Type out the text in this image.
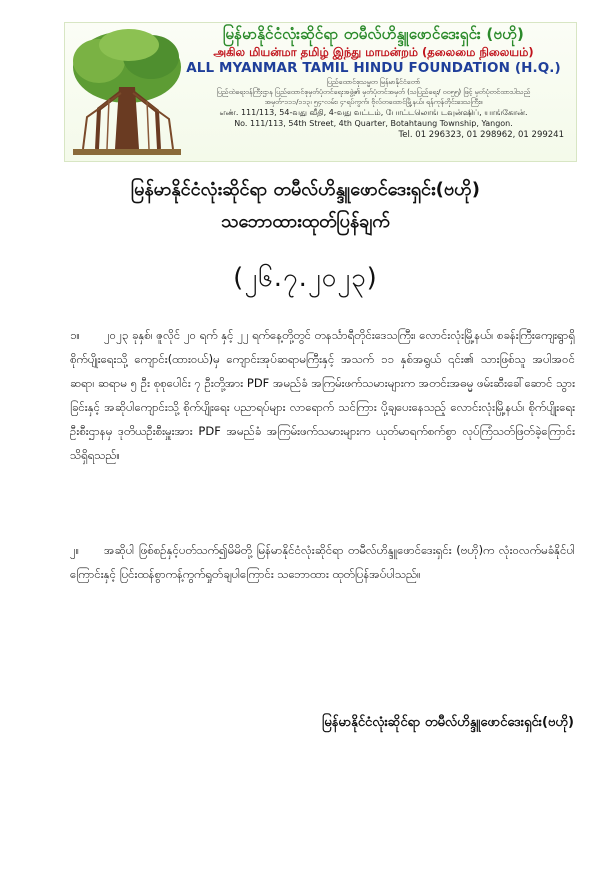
မြန်မာနိုင်ငံလုံးဆိုင်ရာ တမီလ်ဟိန္ဒူဖောင်ဒေးရှင်း (ဗဟို)
அகில மியன்மா தமிழ் இந்து மாமன்றம் (தலைமை நிலையம்)
ALL MYANMAR TAMIL HINDU FOUNDATION (H.Q.)
ပြည်ထောင်စုသမ္မတ မြန်မာနိုင်ငံတော်
ပြည်ထဲရေးဝန်ကြီးဌာန ပြည်ထောင်စုမှတ်ပုံတင်ရေးအဖွဲ့၏ မှတ်ပုံတင်အမှတ် (သပြည်ရေး/ ၀၀၅၅) ဖြင့် မှတ်ပုံတင်ထားပါသည်
အမှတ်-၁၁၁/၁၁၃၊ ၅၄-လမ်း၊ ၄-ရပ်ကွက်၊ ဗိုလ်တထောင်မြို့နယ်၊ ရန်ကုန်တိုင်းဒေသကြီး။
எண். 111/113, 54-வது வீதி, 4-வது வட்டம், போட்டலொங் டவுன்ஷிப், யாங்கோன்.
No. 111/113, 54th Street, 4th Quarter, Botahtaung Township, Yangon.
Tel. 01 296323, 01 298962, 01 299241
မြန်မာနိုင်ငံလုံးဆိုင်ရာ တမီလ်ဟိန္ဒူဖောင်ဒေးရှင်း(ဗဟို)
သဘောထားထုတ်ပြန်ချက်
(၂၆.၇.၂၀၂၃)
၁။ ၂၀၂၃ ခုနှစ်၊ ဇူလိုင် ၂၀ ရက် နှင့် ၂၂ ရက်နေ့တို့တွင် တနင်္သာရီတိုင်းဒေသကြီး၊ လောင်းလုံးမြို့နယ်၊ စခန်းကြီးကျေးရွာရှိ စိုက်ပျိုးရေးသို့ ကျောင်း(ထား၀ယ်)မှ ကျောင်းအုပ်ဆရာမကြီးနှင့် အသက် ၁၁ နှစ်အရွယ် ၎င်း၏ သားဖြစ်သူ အပါအ၀င် ဆရာ၊ ဆရာမ ၅ ဦး စုစုပေါင်း ၇ ဦးတို့အား PDF အမည်ခံ အကြမ်းဖက်သမားများက အတင်းအဓမ္မ ဖမ်းဆီးခေါ်ဆောင် သွား ခြင်းနှင့် အဆိုပါကျောင်းသို့ စိုက်ပျိုးရေး ပညာရပ်များ လာရောက် သင်ကြား ပို့ချပေးနေသည့် လောင်းလုံးမြို့နယ်၊ စိုက်ပျိုးရေး ဦးစီးဌာနမှ ဒုတိယဦးစီးမှူးအား PDF အမည်ခံ အကြမ်းဖက်သမားများက ယုတ်မာရက်စက်စွာ လုပ်ကြံသတ်ဖြတ်ခဲ့ကြောင်း သိရှိရသည်။
၂။ အဆိုပါ ဖြစ်စဉ်နှင့်ပတ်သက်၍မိမိတို့ မြန်မာနိုင်ငံလုံးဆိုင်ရာ တမီလ်ဟိန္ဒူဖောင်ဒေးရှင်း (ဗဟို)က လုံးဝလက်မခံနိုင်ပါကြောင်းနှင့် ပြင်းထန်စွာကန့်ကွက်ရှုတ်ချပါကြောင်း သဘောထား ထုတ်ပြန်အပ်ပါသည်။
မြန်မာနိုင်ငံလုံးဆိုင်ရာ တမီလ်ဟိန္ဒူဖောင်ဒေးရှင်း(ဗဟို)
